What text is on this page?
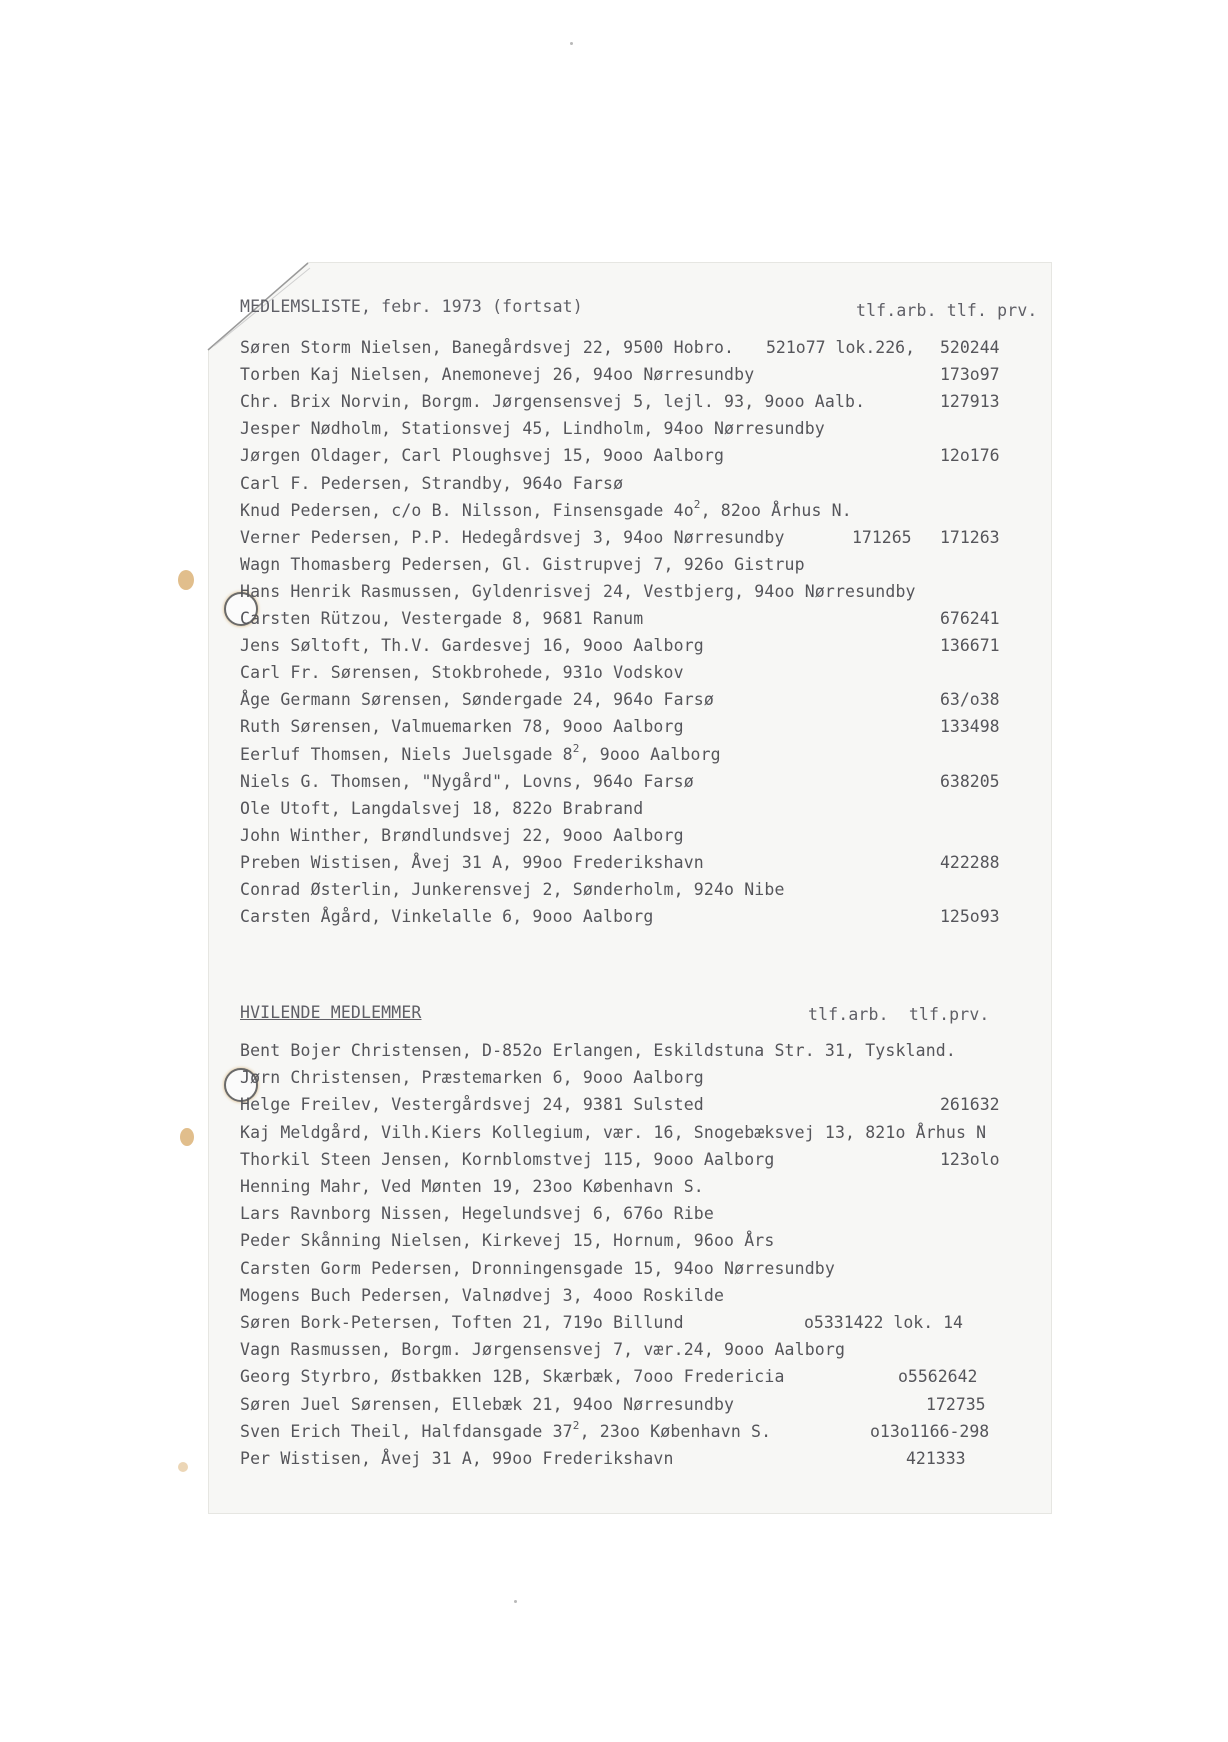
MEDLEMSLISTE, febr. 1973 (fortsat)	tlf.arb. tlf. prv.
HVILENDE MEDLEMMER	tlf.arb.  tlf.prv.
Søren Storm Nielsen, Banegårdsvej 22, 9500 Hobro. 521o77 lok.226, 520244
Torben Kaj Nielsen, Anemonevej 26, 94oo Nørresundby	173o97
Chr. Brix Norvin, Borgm. Jørgensensvej 5, lejl. 93, 9ooo Aalb.	127913
Jesper Nødholm, Stationsvej 45, Lindholm, 94oo Nørresundby
Jørgen Oldager, Carl Ploughsvej 15, 9ooo Aalborg	12o176
Carl F. Pedersen, Strandby, 964o Farsø
Knud Pedersen, c/o B. Nilsson, Finsensgade $4o^2$, 82oo Århus N.
Verner Pedersen, P.P. Hedegårdsvej 3, 94oo Nørresundby	171265 171263
Wagn Thomasberg Pedersen, Gl. Gistrupvej 7, 926o Gistrup
Hans Henrik Rasmussen, Gyldenrisvej 24, Vestbjerg, 94oo Nørresundby
Carsten Rützou, Vestergade 8, 9681 Ranum	676241
Jens Søltoft, Th.V. Gardesvej 16, 9ooo Aalborg	136671
Carl Fr. Sørensen, Stokbrohede, 931o Vodskov
Åge Germann Sørensen, Søndergade 24, 964o Farsø	63/o38
Ruth Sørensen, Valmuemarken 78, 9ooo Aalborg	133498
Eerluf Thomsen, Niels Juelsgade $8^2$, 9ooo Aalborg
Niels G. Thomsen, "Nygård", Lovns, 964o Farsø	638205
Ole Utoft, Langdalsvej 18, 822o Brabrand
John Winther, Brøndlundsvej 22, 9ooo Aalborg
Preben Wistisen, Åvej 31 A, 99oo Frederikshavn	422288
Conrad Østerlin, Junkerensvej 2, Sønderholm, 924o Nibe
Carsten Ågård, Vinkelalle 6, 9ooo Aalborg	125o93
Bent Bojer Christensen, D-852o Erlangen, Eskildstuna Str. 31, Tyskland.
Jørn Christensen, Præstemarken 6, 9ooo Aalborg
Helge Freilev, Vestergårdsvej 24, 9381 Sulsted	261632
Kaj Meldgård, Vilh.Kiers Kollegium, vær. 16, Snogebæksvej 13, 821o Århus N
Thorkil Steen Jensen, Kornblomstvej 115, 9ooo Aalborg	123olo
Henning Mahr, Ved Mønten 19, 23oo København S.
Lars Ravnborg Nissen, Hegelundsvej 6, 676o Ribe
Peder Skånning Nielsen, Kirkevej 15, Hornum, 96oo Års
Carsten Gorm Pedersen, Dronningensgade 15, 94oo Nørresundby
Mogens Buch Pedersen, Valnødvej 3, 4ooo Roskilde
Søren Bork-Petersen, Toften 21, 719o Billund	o5331422 lok. 14
Vagn Rasmussen, Borgm. Jørgensensvej 7, vær.24, 9ooo Aalborg
Georg Styrbro, Østbakken 12B, Skærbæk, 7ooo Fredericia	o5562642
Søren Juel Sørensen, Ellebæk 21, 94oo Nørresundby	172735
Sven Erich Theil, Halfdansgade $37^2$, 23oo København S.	o13o1166-298
Per Wistisen, Åvej 31 A, 99oo Frederikshavn	421333
